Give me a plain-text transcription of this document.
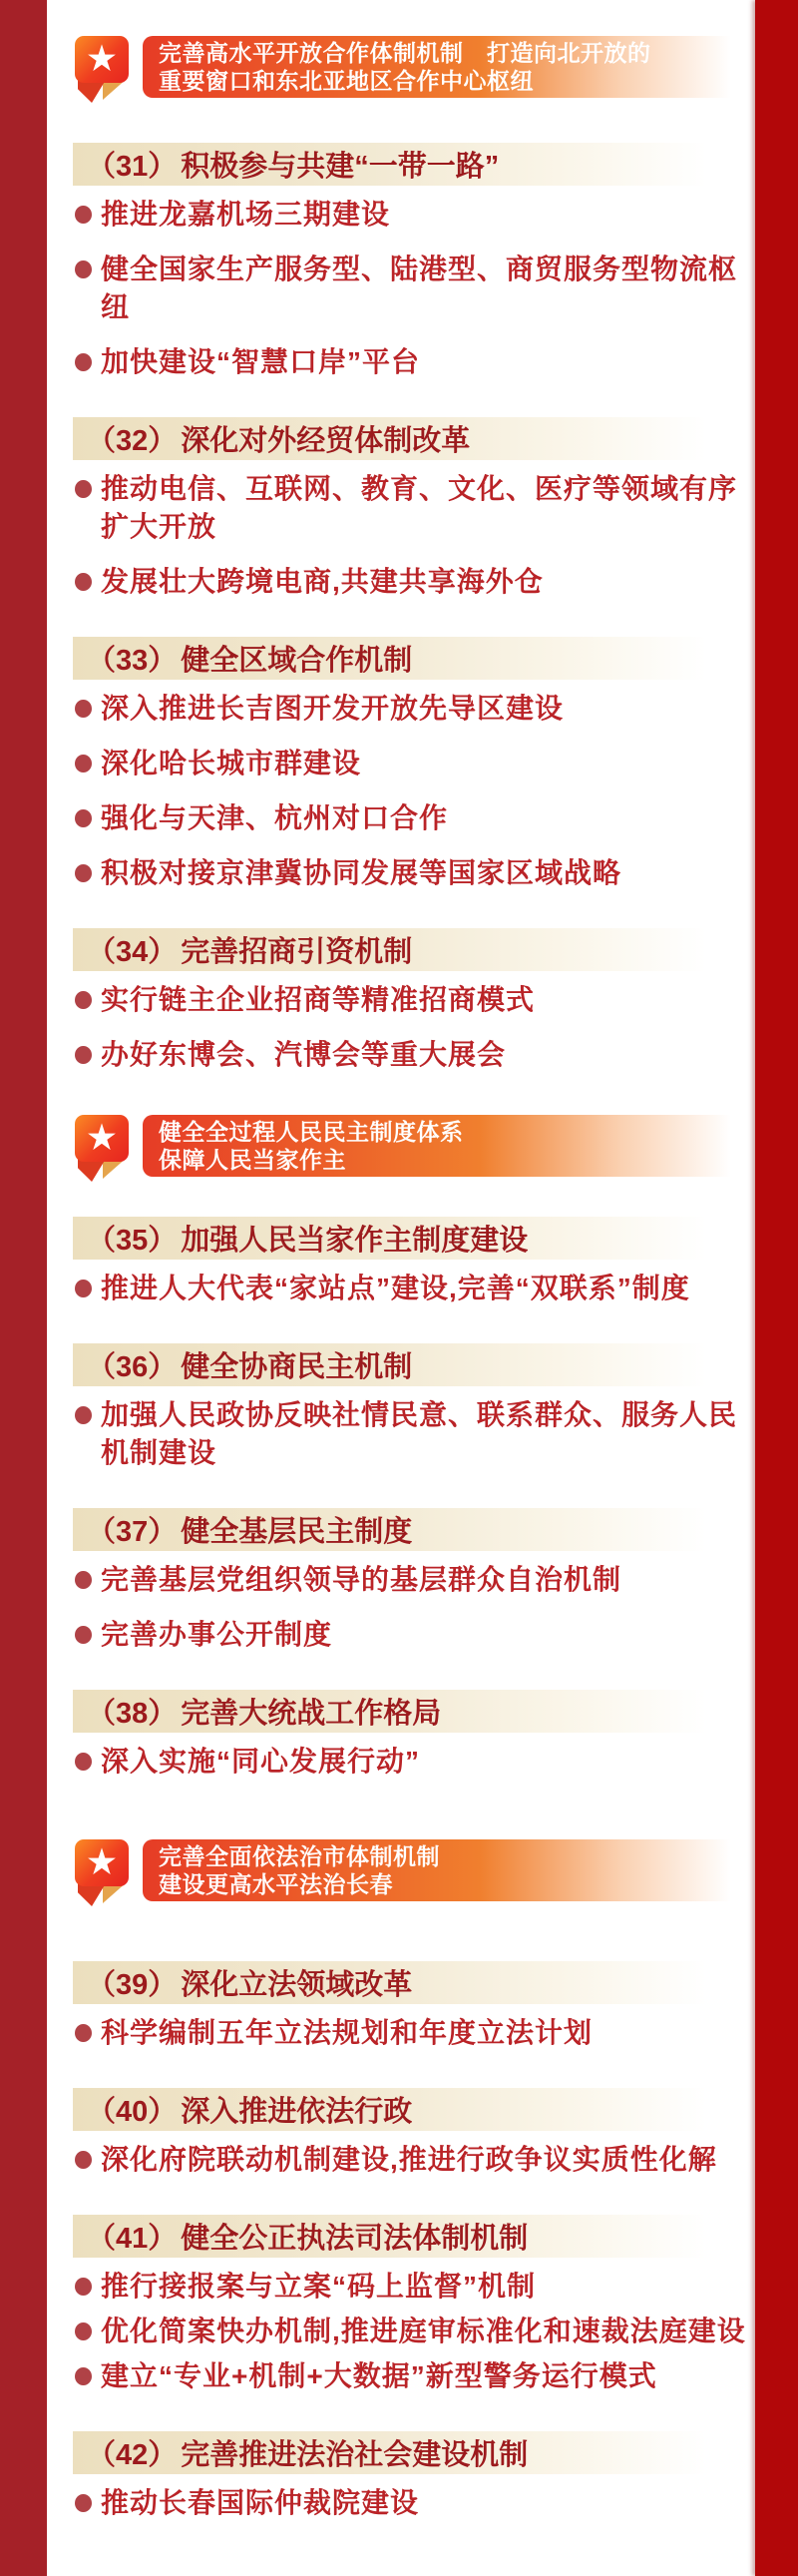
★ 完善高水平开放合作体制机制　打造向北开放的
重要窗口和东北亚地区合作中心枢纽
（31） 积极参与共建“一带一路”
推进龙嘉机场三期建设
健全国家生产服务型、陆港型、商贸服务型物流枢纽
加快建设“智慧口岸”平台
（32） 深化对外经贸体制改革
推动电信、互联网、教育、文化、医疗等领域有序扩大开放
发展壮大跨境电商,共建共享海外仓
（33） 健全区域合作机制
深入推进长吉图开发开放先导区建设
深化哈长城市群建设
强化与天津、杭州对口合作
积极对接京津冀协同发展等国家区域战略
（34） 完善招商引资机制
实行链主企业招商等精准招商模式
办好东博会、汽博会等重大展会
★ 健全全过程人民民主制度体系
保障人民当家作主
（35） 加强人民当家作主制度建设
推进人大代表“家站点”建设,完善“双联系”制度
（36） 健全协商民主机制
加强人民政协反映社情民意、联系群众、服务人民机制建设
（37） 健全基层民主制度
完善基层党组织领导的基层群众自治机制
完善办事公开制度
（38） 完善大统战工作格局
深入实施“同心发展行动”
★ 完善全面依法治市体制机制
建设更高水平法治长春
（39） 深化立法领域改革
科学编制五年立法规划和年度立法计划
（40） 深入推进依法行政
深化府院联动机制建设,推进行政争议实质性化解
（41） 健全公正执法司法体制机制
推行接报案与立案“码上监督”机制
优化简案快办机制,推进庭审标准化和速裁法庭建设
建立“专业+机制+大数据”新型警务运行模式
（42） 完善推进法治社会建设机制
推动长春国际仲裁院建设
